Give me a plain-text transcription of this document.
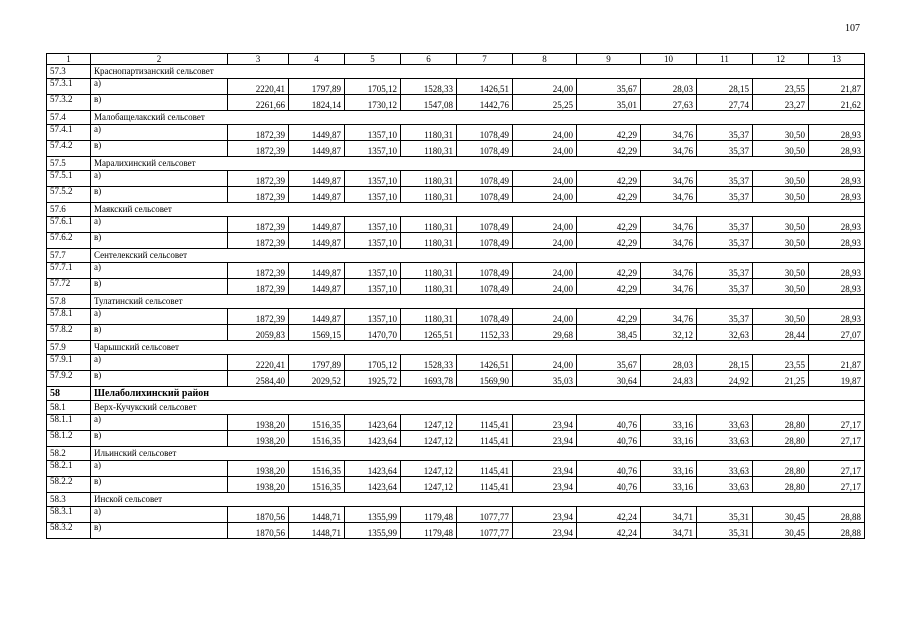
107
1	2	3	4	5	6	7	8	9	10	11	12	13
57.3	Краснопартизанский сельсовет											
57.3.1	а)	2220,41	1797,89	1705,12	1528,33	1426,51	24,00	35,67	28,03	28,15	23,55	21,87
57.3.2	в)	2261,66	1824,14	1730,12	1547,08	1442,76	25,25	35,01	27,63	27,74	23,27	21,62
57.4	Малобащелакский сельсовет											
57.4.1	а)	1872,39	1449,87	1357,10	1180,31	1078,49	24,00	42,29	34,76	35,37	30,50	28,93
57.4.2	в)	1872,39	1449,87	1357,10	1180,31	1078,49	24,00	42,29	34,76	35,37	30,50	28,93
57.5	Маралихинский сельсовет											
57.5.1	а)	1872,39	1449,87	1357,10	1180,31	1078,49	24,00	42,29	34,76	35,37	30,50	28,93
57.5.2	в)	1872,39	1449,87	1357,10	1180,31	1078,49	24,00	42,29	34,76	35,37	30,50	28,93
57.6	Маякский сельсовет											
57.6.1	а)	1872,39	1449,87	1357,10	1180,31	1078,49	24,00	42,29	34,76	35,37	30,50	28,93
57.6.2	в)	1872,39	1449,87	1357,10	1180,31	1078,49	24,00	42,29	34,76	35,37	30,50	28,93
57.7	Сентелекский сельсовет											
57.7.1	а)	1872,39	1449,87	1357,10	1180,31	1078,49	24,00	42,29	34,76	35,37	30,50	28,93
57.72	в)	1872,39	1449,87	1357,10	1180,31	1078,49	24,00	42,29	34,76	35,37	30,50	28,93
57.8	Тулатинский сельсовет											
57.8.1	а)	1872,39	1449,87	1357,10	1180,31	1078,49	24,00	42,29	34,76	35,37	30,50	28,93
57.8.2	в)	2059,83	1569,15	1470,70	1265,51	1152,33	29,68	38,45	32,12	32,63	28,44	27,07
57.9	Чарышский сельсовет											
57.9.1	а)	2220,41	1797,89	1705,12	1528,33	1426,51	24,00	35,67	28,03	28,15	23,55	21,87
57.9.2	в)	2584,40	2029,52	1925,72	1693,78	1569,90	35,03	30,64	24,83	24,92	21,25	19,87
58	Шелаболихинский район											
58.1	Верх-Кучукский сельсовет											
58.1.1	а)	1938,20	1516,35	1423,64	1247,12	1145,41	23,94	40,76	33,16	33,63	28,80	27,17
58.1.2	в)	1938,20	1516,35	1423,64	1247,12	1145,41	23,94	40,76	33,16	33,63	28,80	27,17
58.2	Ильинский сельсовет											
58.2.1	а)	1938,20	1516,35	1423,64	1247,12	1145,41	23,94	40,76	33,16	33,63	28,80	27,17
58.2.2	в)	1938,20	1516,35	1423,64	1247,12	1145,41	23,94	40,76	33,16	33,63	28,80	27,17
58.3	Инской сельсовет											
58.3.1	а)	1870,56	1448,71	1355,99	1179,48	1077,77	23,94	42,24	34,71	35,31	30,45	28,88
58.3.2	в)	1870,56	1448,71	1355,99	1179,48	1077,77	23,94	42,24	34,71	35,31	30,45	28,88
